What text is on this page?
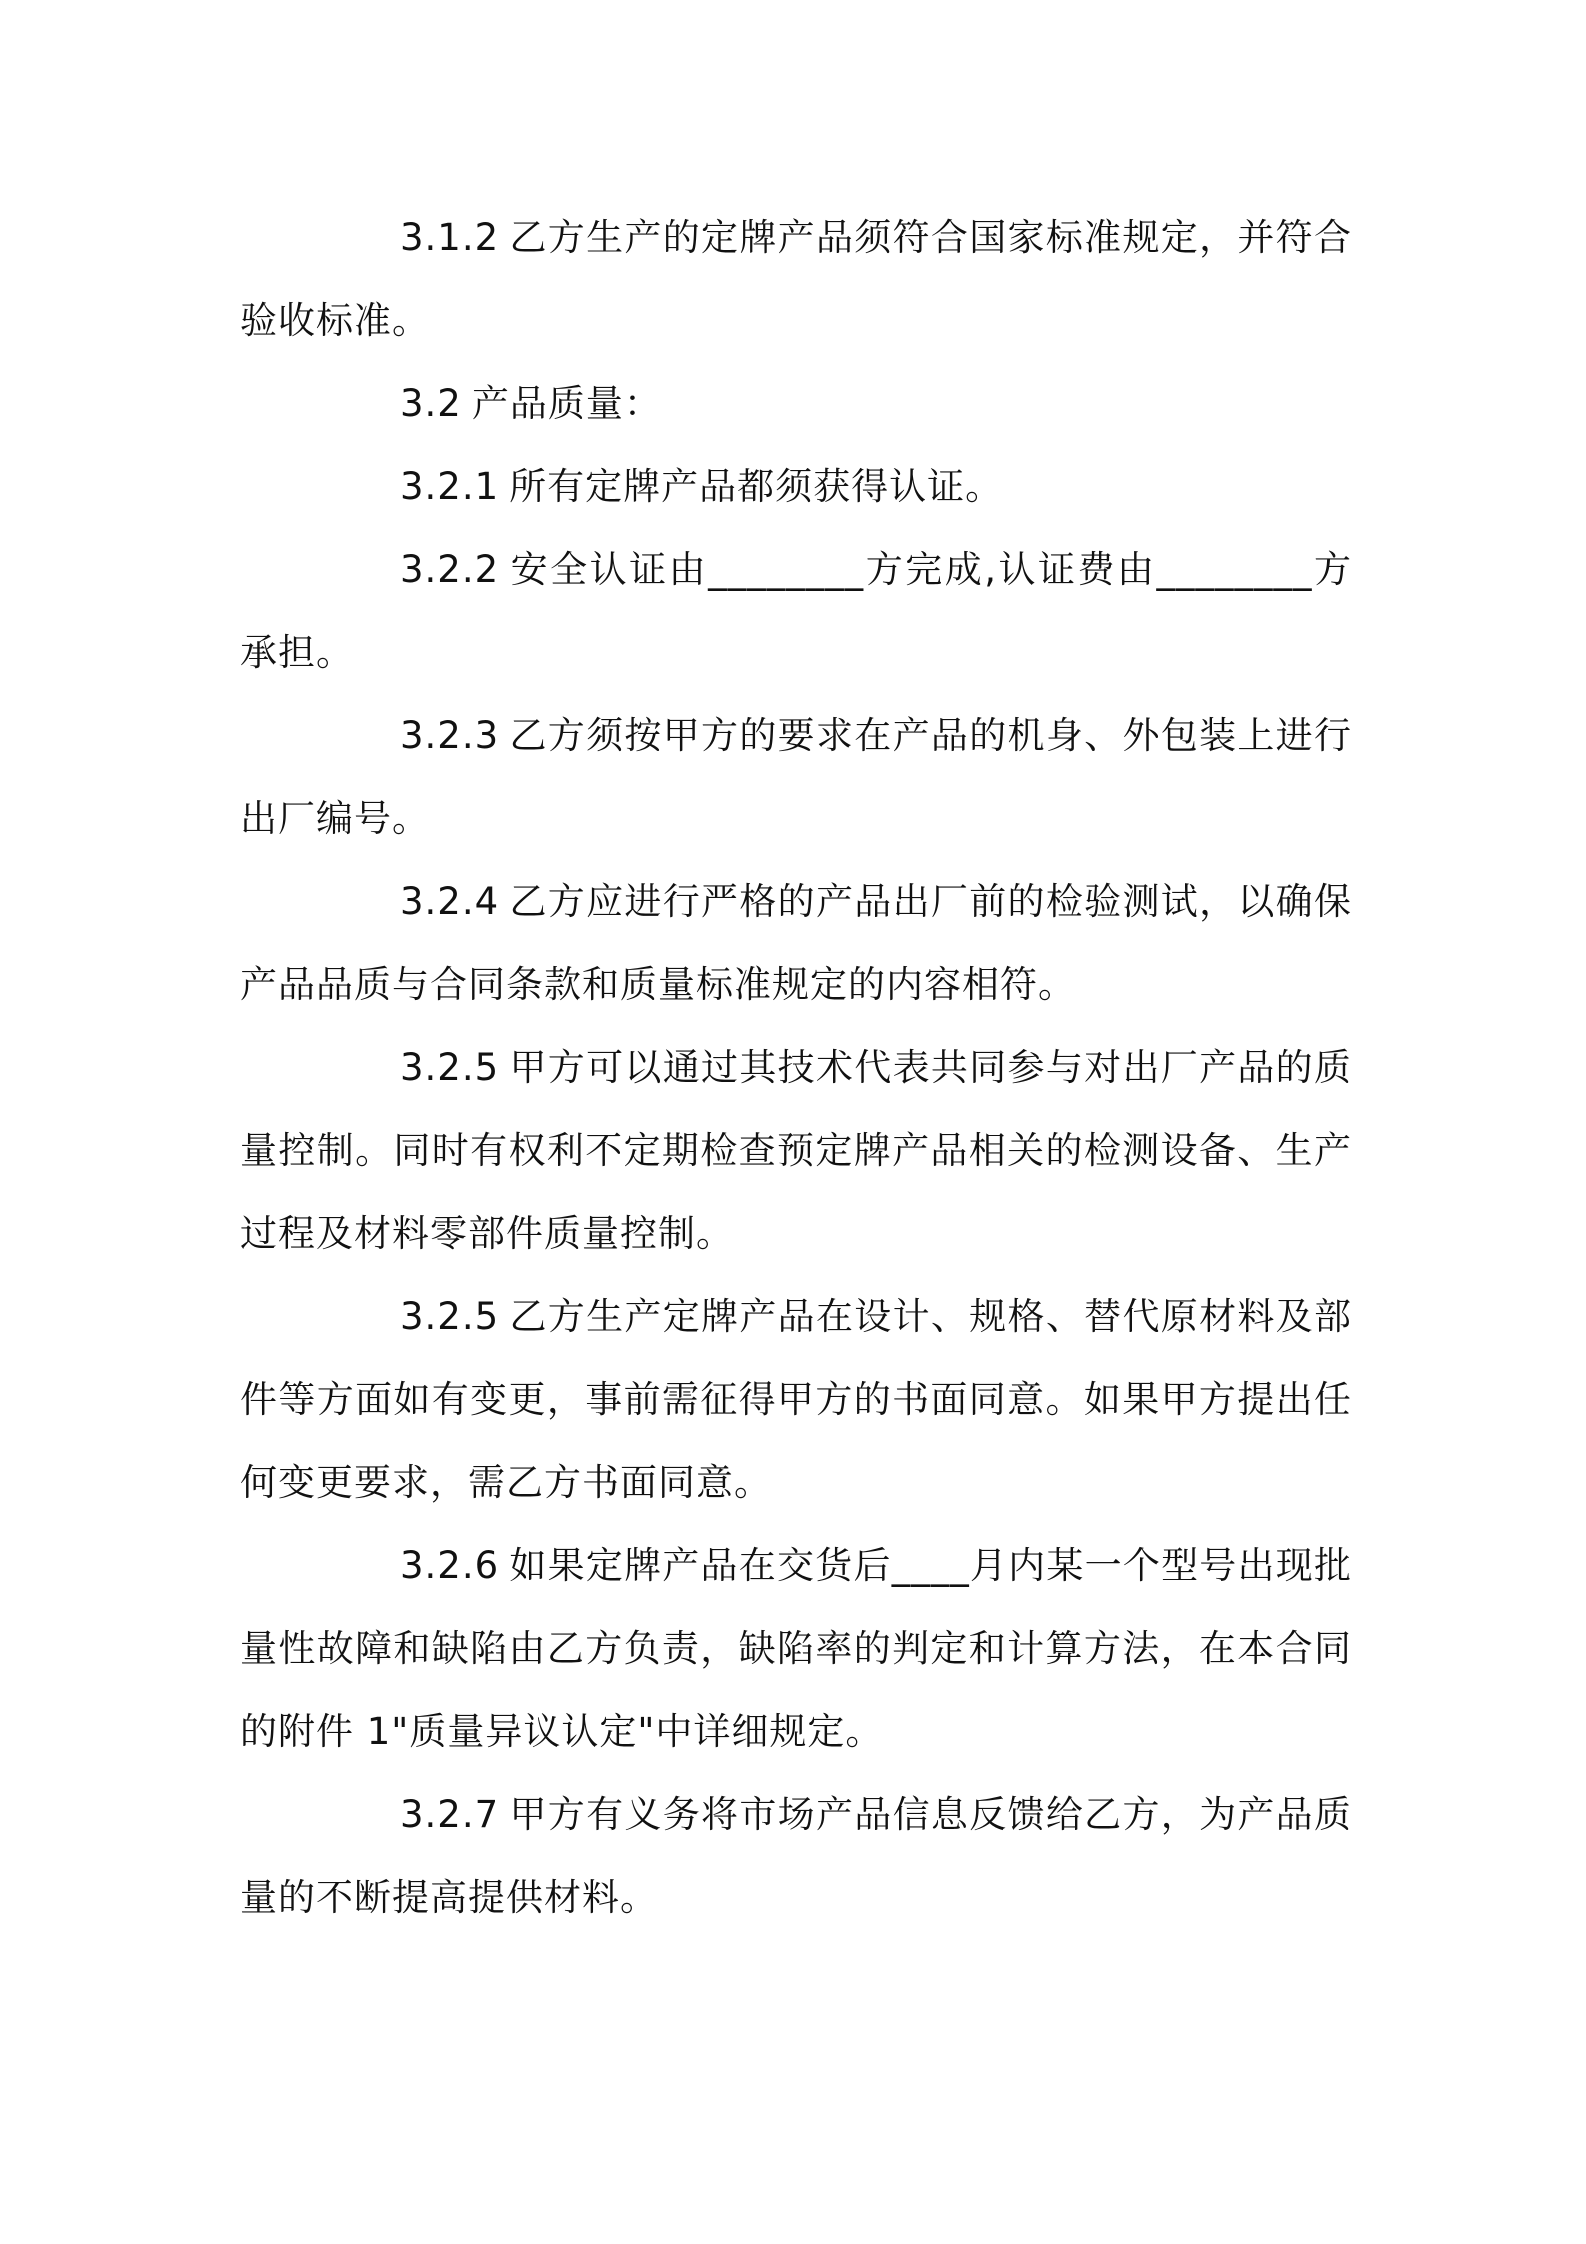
3.1.2 乙方生产的定牌产品须符合国家标准规定，并符合验收标准。

3.2 产品质量：

3.2.1 所有定牌产品都须获得认证。

3.2.2 安全认证由________方完成,认证费由________方承担。

3.2.3 乙方须按甲方的要求在产品的机身、外包装上进行出厂编号。

3.2.4 乙方应进行严格的产品出厂前的检验测试，以确保产品品质与合同条款和质量标准规定的内容相符。

3.2.5 甲方可以通过其技术代表共同参与对出厂产品的质量控制。同时有权利不定期检查预定牌产品相关的检测设备、生产过程及材料零部件质量控制。

3.2.5 乙方生产定牌产品在设计、规格、替代原材料及部件等方面如有变更，事前需征得甲方的书面同意。如果甲方提出任何变更要求，需乙方书面同意。

3.2.6 如果定牌产品在交货后____月内某一个型号出现批量性故障和缺陷由乙方负责，缺陷率的判定和计算方法，在本合同的附件 1"质量异议认定"中详细规定。

3.2.7 甲方有义务将市场产品信息反馈给乙方，为产品质量的不断提高提供材料。
